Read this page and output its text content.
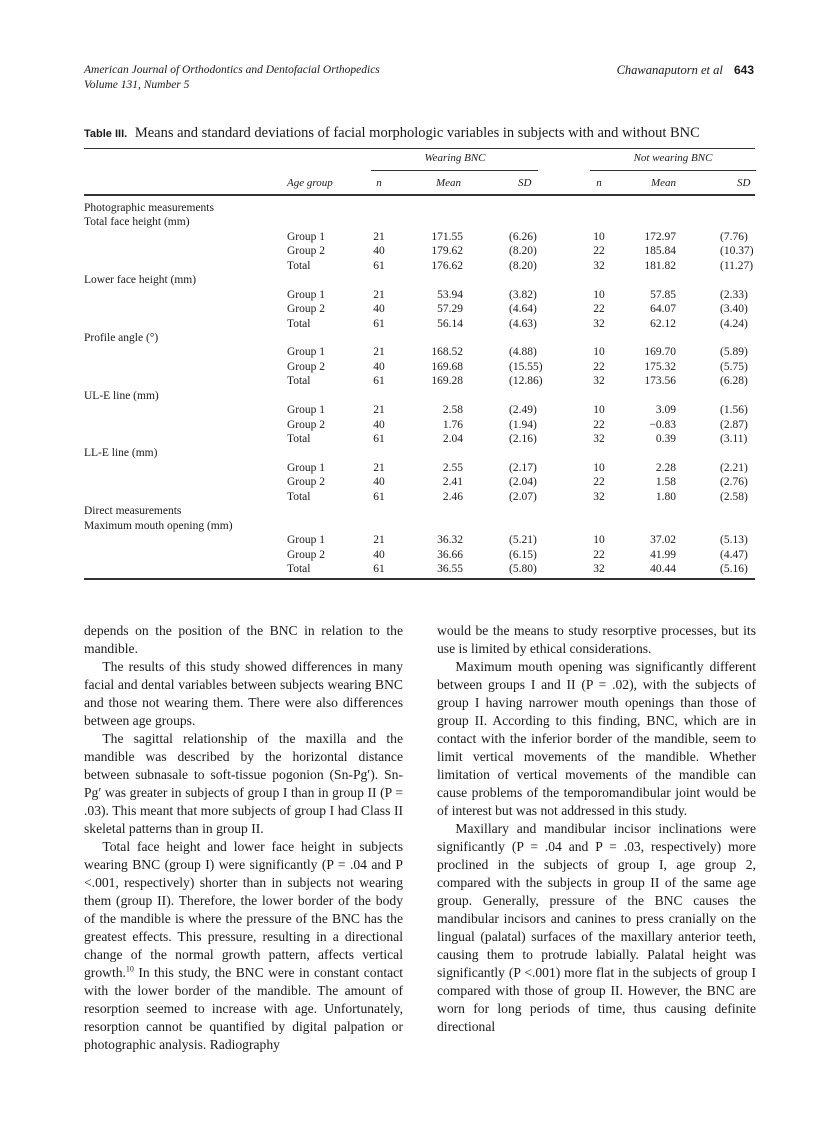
American Journal of Orthodontics and Dentofacial Orthopedics
Volume 131, Number 5
Chawanaputorn et al 643
Table III. Means and standard deviations of facial morphologic variables in subjects with and without BNC
Wearing BNC	Not wearing BNC
Age group	n	Mean	SD	n	Mean	SD
Photographic measurements
Total face height (mm)
Group 1	21	171.55	(6.26)	10	172.97	(7.76)
Group 2	40	179.62	(8.20)	22	185.84	(10.37)
Total	61	176.62	(8.20)	32	181.82	(11.27)
Lower face height (mm)
Group 1	21	53.94	(3.82)	10	57.85	(2.33)
Group 2	40	57.29	(4.64)	22	64.07	(3.40)
Total	61	56.14	(4.63)	32	62.12	(4.24)
Profile angle (°)
Group 1	21	168.52	(4.88)	10	169.70	(5.89)
Group 2	40	169.68	(15.55)	22	175.32	(5.75)
Total	61	169.28	(12.86)	32	173.56	(6.28)
UL-E line (mm)
Group 1	21	2.58	(2.49)	10	3.09	(1.56)
Group 2	40	1.76	(1.94)	22	−0.83	(2.87)
Total	61	2.04	(2.16)	32	0.39	(3.11)
LL-E line (mm)
Group 1	21	2.55	(2.17)	10	2.28	(2.21)
Group 2	40	2.41	(2.04)	22	1.58	(2.76)
Total	61	2.46	(2.07)	32	1.80	(2.58)
Direct measurements
Maximum mouth opening (mm)
Group 1	21	36.32	(5.21)	10	37.02	(5.13)
Group 2	40	36.66	(6.15)	22	41.99	(4.47)
Total	61	36.55	(5.80)	32	40.44	(5.16)

depends on the position of the BNC in relation to the mandible.

The results of this study showed differences in many facial and dental variables between subjects wearing BNC and those not wearing them. There were also differences between age groups.

The sagittal relationship of the maxilla and the mandible was described by the horizontal distance between subnasale to soft-tissue pogonion (Sn-Pg′). Sn-Pg′ was greater in subjects of group I than in group II (P = .03). This meant that more subjects of group I had Class II skeletal patterns than in group II.

Total face height and lower face height in subjects wearing BNC (group I) were significantly (P = .04 and P <.001, respectively) shorter than in subjects not wearing them (group II). Therefore, the lower border of the body of the mandible is where the pressure of the BNC has the greatest effects. This pressure, resulting in a directional change of the normal growth pattern, affects vertical growth.$^{10}$ In this study, the BNC were in constant contact with the lower border of the mandible. The amount of resorption seemed to increase with age. Unfortunately, resorption cannot be quantified by digital palpation or photographic analysis. Radiography

would be the means to study resorptive processes, but its use is limited by ethical considerations.

Maximum mouth opening was significantly different between groups I and II (P = .02), with the subjects of group I having narrower mouth openings than those of group II. According to this finding, BNC, which are in contact with the inferior border of the mandible, seem to limit vertical movements of the mandible. Whether limitation of vertical movements of the mandible can cause problems of the temporomandibular joint would be of interest but was not addressed in this study.

Maxillary and mandibular incisor inclinations were significantly (P = .04 and P = .03, respectively) more proclined in the subjects of group I, age group 2, compared with the subjects in group II of the same age group. Generally, pressure of the BNC causes the mandibular incisors and canines to press cranially on the lingual (palatal) surfaces of the maxillary anterior teeth, causing them to protrude labially. Palatal height was significantly (P <.001) more flat in the subjects of group I compared with those of group II. However, the BNC are worn for long periods of time, thus causing definite directional
